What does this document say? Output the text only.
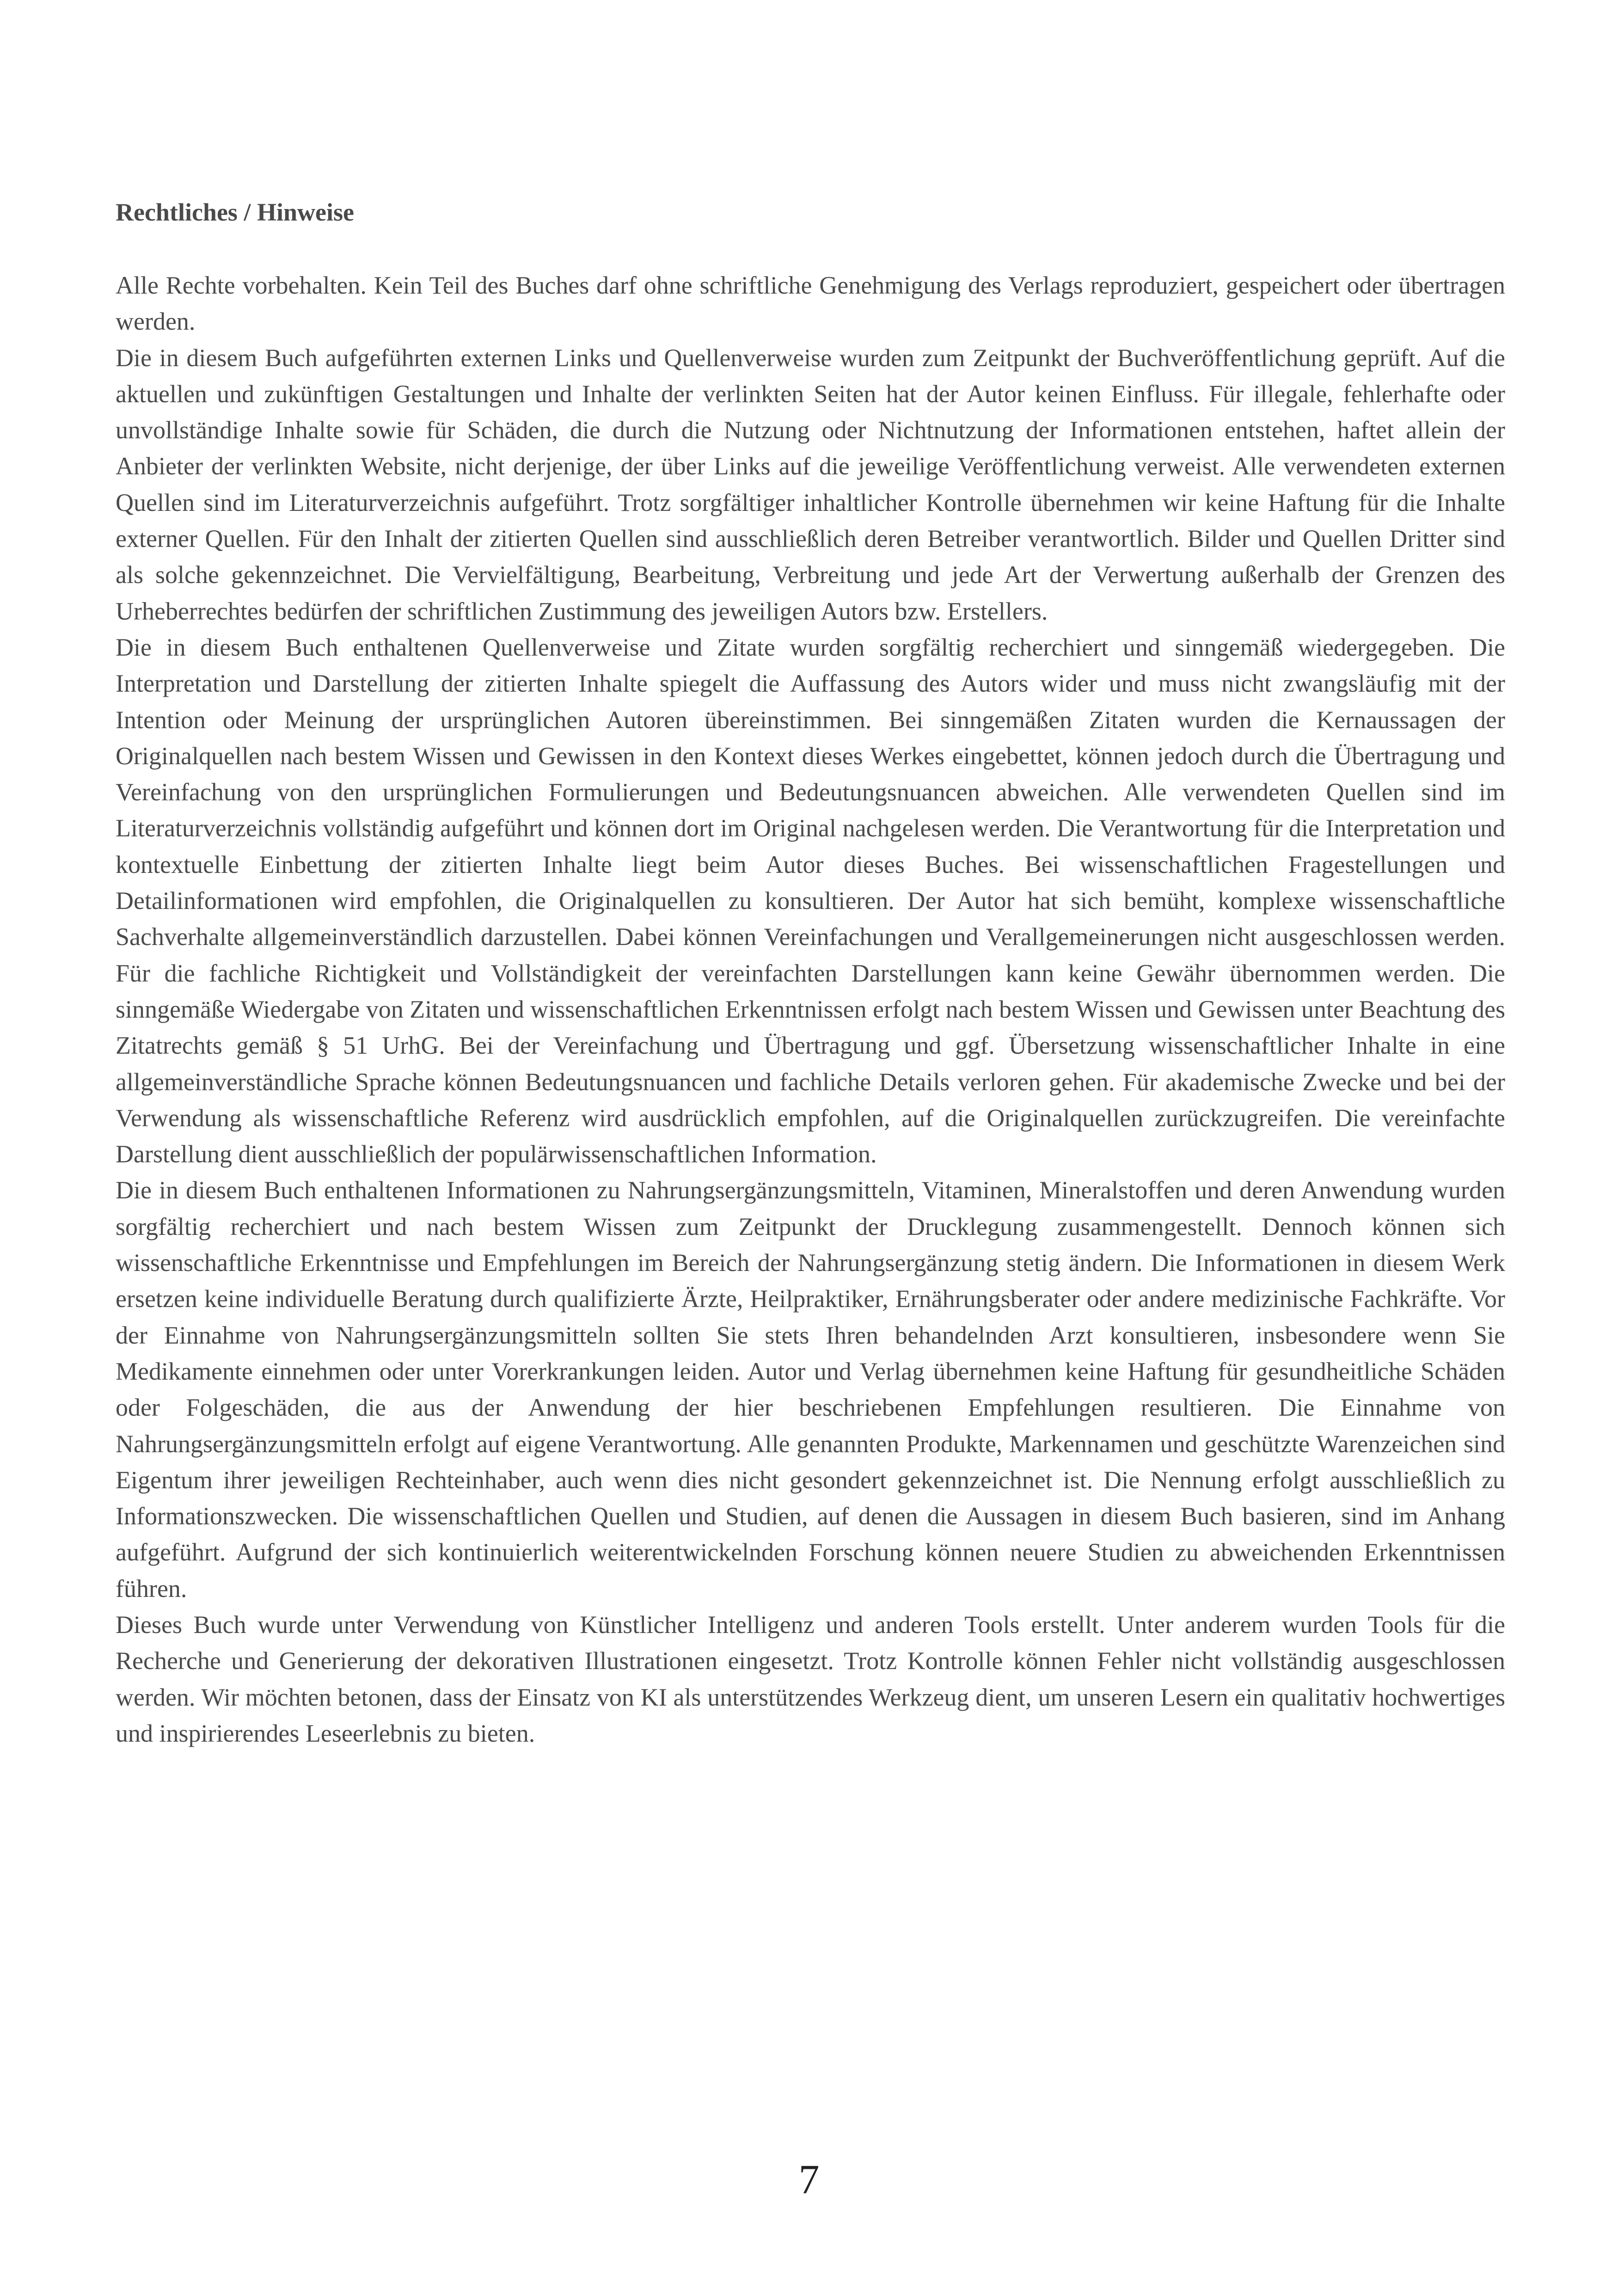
Rechtliches / Hinweise

Alle Rechte vorbehalten. Kein Teil des Buches darf ohne schriftliche Genehmigung des Verlags reproduziert, gespeichert oder übertragen werden.

Die in diesem Buch aufgeführten externen Links und Quellenverweise wurden zum Zeitpunkt der Buchveröffentlichung geprüft. Auf die aktuellen und zukünftigen Gestaltungen und Inhalte der verlinkten Seiten hat der Autor keinen Einfluss. Für illegale, fehlerhafte oder unvollständige Inhalte sowie für Schäden, die durch die Nutzung oder Nichtnutzung der Informationen entstehen, haftet allein der Anbieter der verlinkten Website, nicht derjenige, der über Links auf die jeweilige Veröffentlichung verweist. Alle verwendeten externen Quellen sind im Literaturverzeichnis aufgeführt. Trotz sorgfältiger inhaltlicher Kontrolle übernehmen wir keine Haftung für die Inhalte externer Quellen. Für den Inhalt der zitierten Quellen sind ausschließlich deren Betreiber verantwortlich. Bilder und Quellen Dritter sind als solche gekennzeichnet. Die Vervielfältigung, Bearbeitung, Verbreitung und jede Art der Verwertung außerhalb der Grenzen des Urheberrechtes bedürfen der schriftlichen Zustimmung des jeweiligen Autors bzw. Erstellers.

Die in diesem Buch enthaltenen Quellenverweise und Zitate wurden sorgfältig recherchiert und sinngemäß wiedergegeben. Die Interpretation und Darstellung der zitierten Inhalte spiegelt die Auffassung des Autors wider und muss nicht zwangsläufig mit der Intention oder Meinung der ursprünglichen Autoren übereinstimmen. Bei sinngemäßen Zitaten wurden die Kernaussagen der Originalquellen nach bestem Wissen und Gewissen in den Kontext dieses Werkes eingebettet, können jedoch durch die Übertragung und Vereinfachung von den ursprünglichen Formulierungen und Bedeutungsnuancen abweichen. Alle verwendeten Quellen sind im Literaturverzeichnis vollständig aufgeführt und können dort im Original nachgelesen werden. Die Verantwortung für die Interpretation und kontextuelle Einbettung der zitierten Inhalte liegt beim Autor dieses Buches. Bei wissenschaftlichen Fragestellungen und Detailinformationen wird empfohlen, die Originalquellen zu konsultieren. Der Autor hat sich bemüht, komplexe wissenschaftliche Sachverhalte allgemeinverständlich darzustellen. Dabei können Vereinfachungen und Verallgemeinerungen nicht ausgeschlossen werden. Für die fachliche Richtigkeit und Vollständigkeit der vereinfachten Darstellungen kann keine Gewähr übernommen werden. Die sinngemäße Wiedergabe von Zitaten und wissenschaftlichen Erkenntnissen erfolgt nach bestem Wissen und Gewissen unter Beachtung des Zitatrechts gemäß § 51 UrhG. Bei der Vereinfachung und Übertragung und ggf. Übersetzung wissenschaftlicher Inhalte in eine allgemeinverständliche Sprache können Bedeutungsnuancen und fachliche Details verloren gehen. Für akademische Zwecke und bei der Verwendung als wissenschaftliche Referenz wird ausdrücklich empfohlen, auf die Originalquellen zurückzugreifen. Die vereinfachte Darstellung dient ausschließlich der populärwissenschaftlichen Information.

Die in diesem Buch enthaltenen Informationen zu Nahrungsergänzungsmitteln, Vitaminen, Mineralstoffen und deren Anwendung wurden sorgfältig recherchiert und nach bestem Wissen zum Zeitpunkt der Drucklegung zusammengestellt. Dennoch können sich wissenschaftliche Erkenntnisse und Empfehlungen im Bereich der Nahrungsergänzung stetig ändern. Die Informationen in diesem Werk ersetzen keine individuelle Beratung durch qualifizierte Ärzte, Heilpraktiker, Ernährungsberater oder andere medizinische Fachkräfte. Vor der Einnahme von Nahrungsergänzungsmitteln sollten Sie stets Ihren behandelnden Arzt konsultieren, insbesondere wenn Sie Medikamente einnehmen oder unter Vorerkrankungen leiden. Autor und Verlag übernehmen keine Haftung für gesundheitliche Schäden oder Folgeschäden, die aus der Anwendung der hier beschriebenen Empfehlungen resultieren. Die Einnahme von Nahrungsergänzungsmitteln erfolgt auf eigene Verantwortung. Alle genannten Produkte, Markennamen und geschützte Warenzeichen sind Eigentum ihrer jeweiligen Rechteinhaber, auch wenn dies nicht gesondert gekennzeichnet ist. Die Nennung erfolgt ausschließlich zu Informationszwecken. Die wissenschaftlichen Quellen und Studien, auf denen die Aussagen in diesem Buch basieren, sind im Anhang aufgeführt. Aufgrund der sich kontinuierlich weiterentwickelnden Forschung können neuere Studien zu abweichenden Erkenntnissen führen.

Dieses Buch wurde unter Verwendung von Künstlicher Intelligenz und anderen Tools erstellt. Unter anderem wurden Tools für die Recherche und Generierung der dekorativen Illustrationen eingesetzt. Trotz Kontrolle können Fehler nicht vollständig ausgeschlossen werden. Wir möchten betonen, dass der Einsatz von KI als unterstützendes Werkzeug dient, um unseren Lesern ein qualitativ hochwertiges und inspirierendes Leseerlebnis zu bieten.

7
